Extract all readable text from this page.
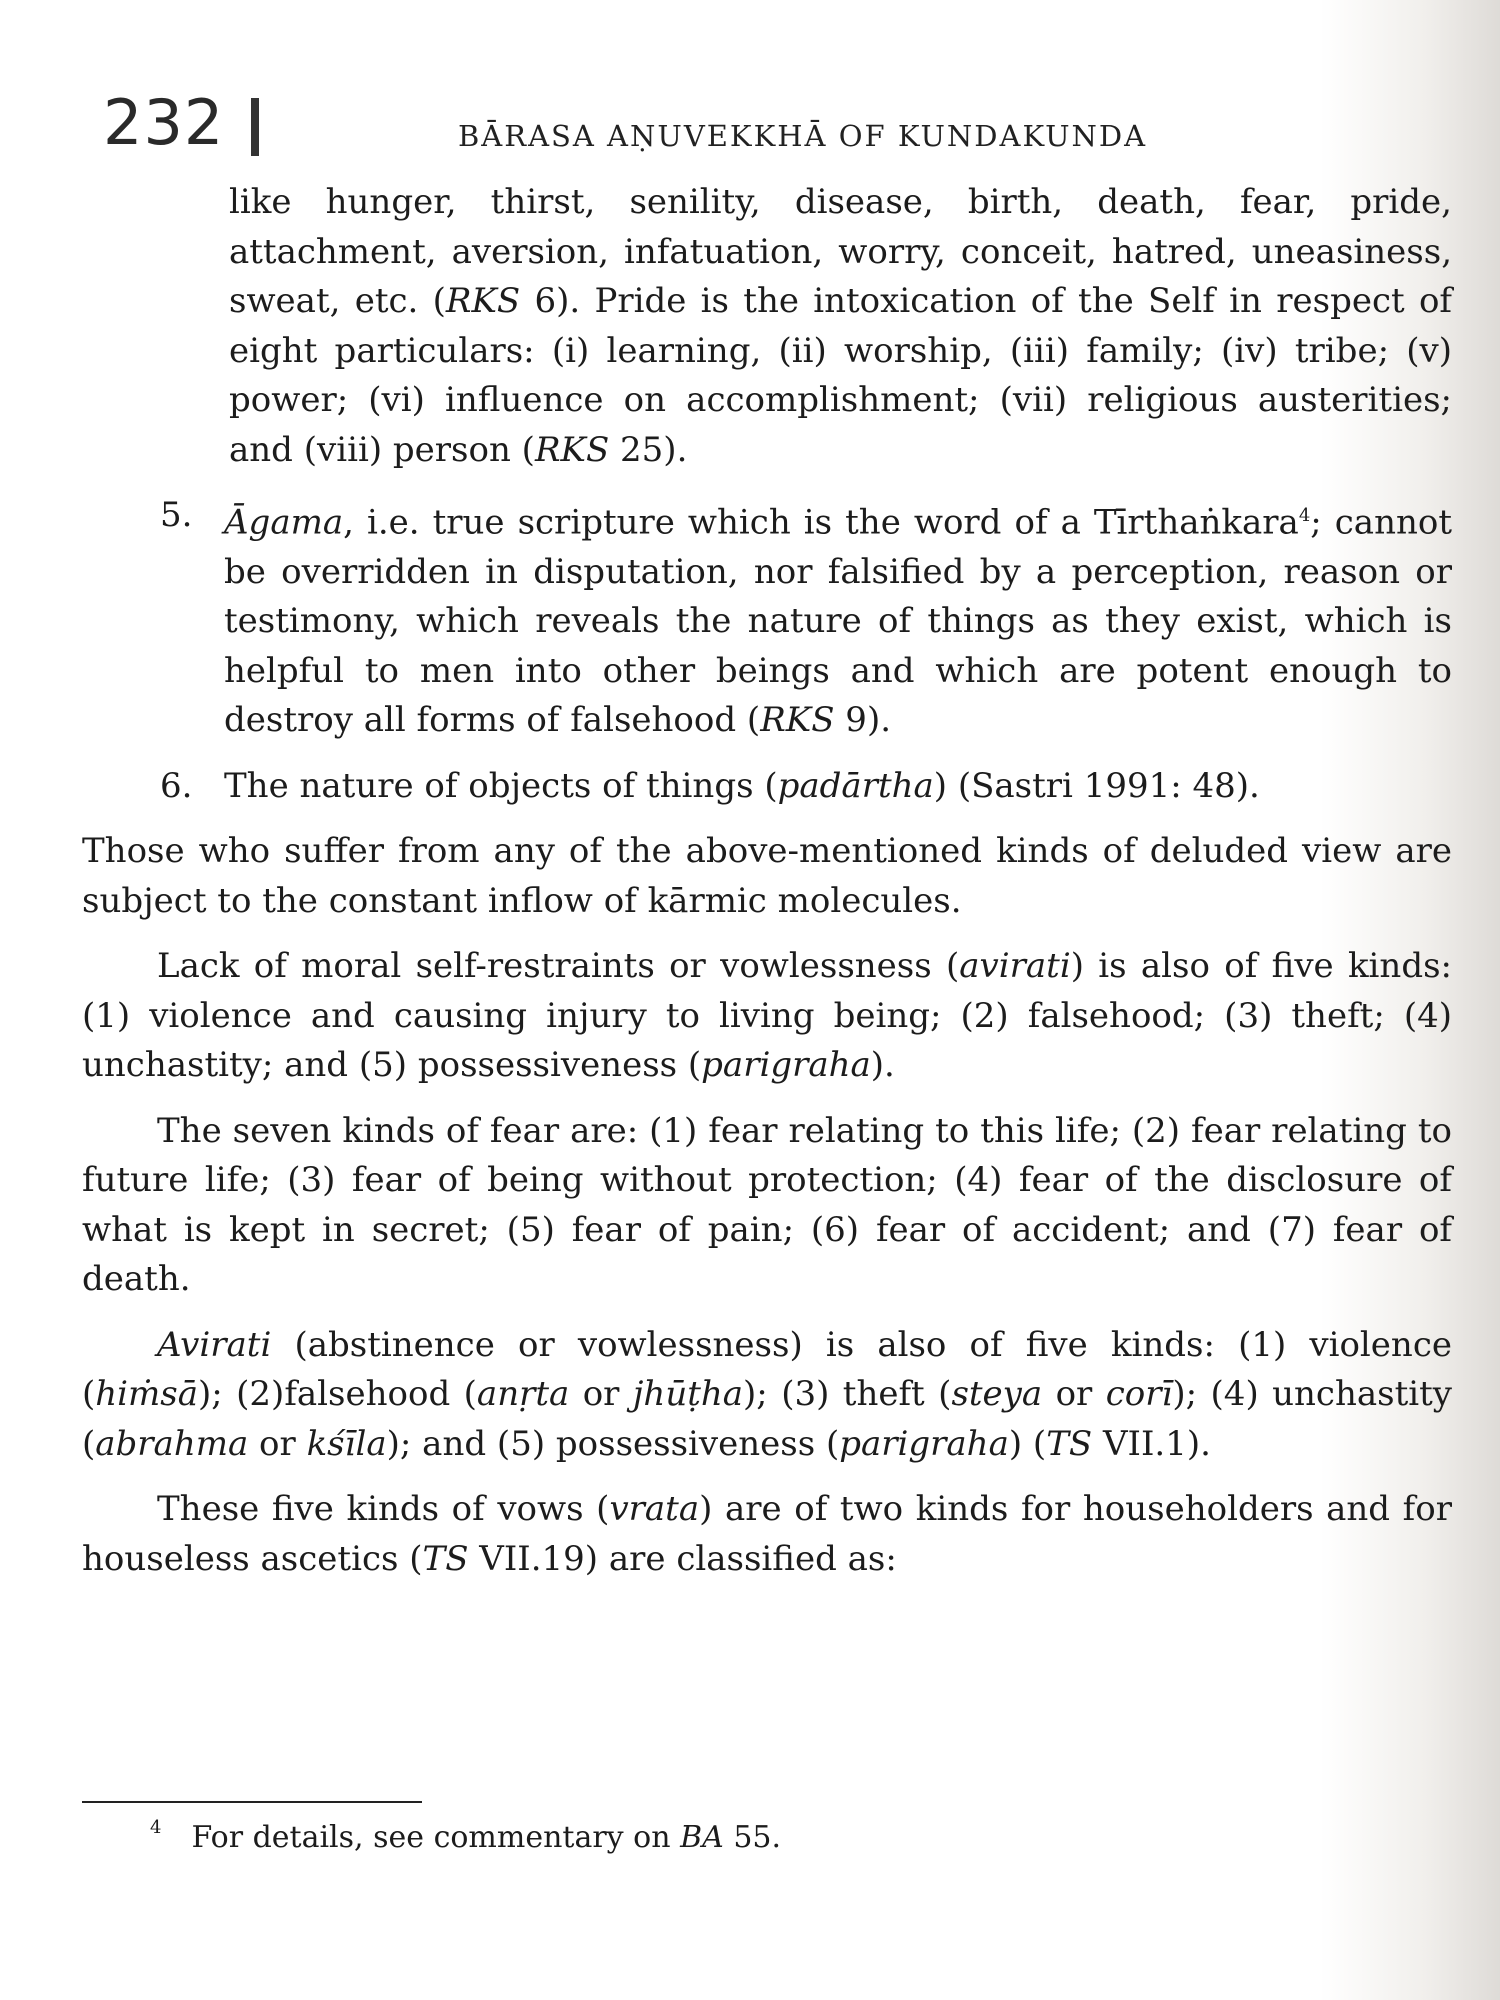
232	BĀRASA AṆUVEKKHĀ OF KUNDAKUNDA

like hunger, thirst, senility, disease, birth, death, fear, pride, attachment, aversion, infatuation, worry, conceit, hatred, uneasiness, sweat, etc. (RKS 6). Pride is the intoxication of the Self in respect of eight particulars: (i) learning, (ii) worship, (iii) family; (iv) tribe; (v) power; (vi) influence on accomplishment; (vii) religious austerities; and (viii) person (RKS 25).

5. Āgama, i.e. true scripture which is the word of a Tīrthaṅkara$^4$; cannot be overridden in disputation, nor falsified by a perception, reason or testimony, which reveals the nature of things as they exist, which is helpful to men into other beings and which are potent enough to destroy all forms of falsehood (RKS 9).

6. The nature of objects of things (padārtha) (Sastri 1991: 48).

Those who suffer from any of the above-mentioned kinds of deluded view are subject to the constant inflow of kārmic molecules.

Lack of moral self-restraints or vowlessness (avirati) is also of five kinds: (1) violence and causing injury to living being; (2) falsehood; (3) theft; (4) unchastity; and (5) possessiveness (parigraha).

The seven kinds of fear are: (1) fear relating to this life; (2) fear relating to future life; (3) fear of being without protection; (4) fear of the disclosure of what is kept in secret; (5) fear of pain; (6) fear of accident; and (7) fear of death.

Avirati (abstinence or vowlessness) is also of five kinds: (1) violence (hiṁsā); (2)falsehood (anṛta or jhūṭha); (3) theft (steya or corī); (4) unchastity (abrahma or kśīla); and (5) possessiveness (parigraha) (TS VII.1).

These five kinds of vows (vrata) are of two kinds for householders and for houseless ascetics (TS VII.19) are classified as:

$^4$ For details, see commentary on BA 55.
